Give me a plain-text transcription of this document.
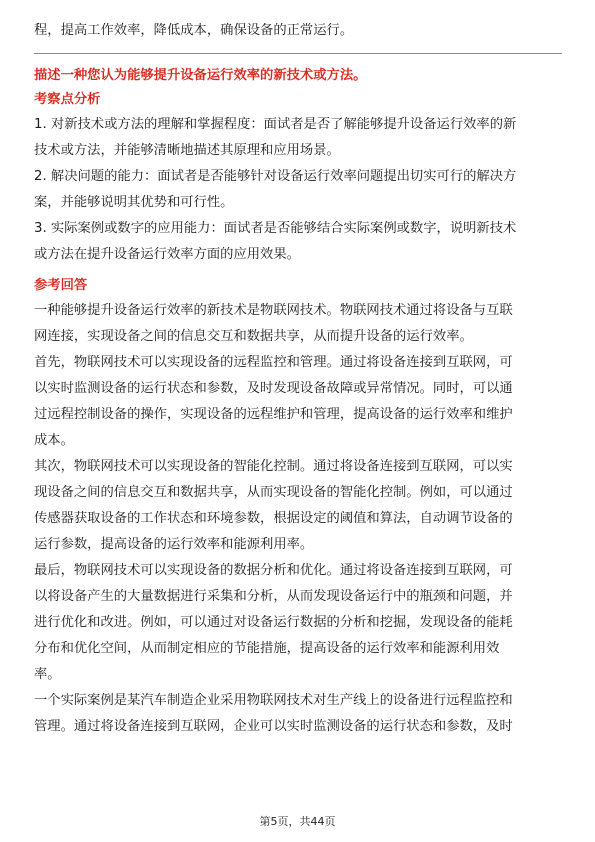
程，提高工作效率，降低成本，确保设备的正常运行。
描述一种您认为能够提升设备运行效率的新技术或方法。
考察点分析
1. 对新技术或方法的理解和掌握程度：面试者是否了解能够提升设备运行效率的新
技术或方法，并能够清晰地描述其原理和应用场景。
2. 解决问题的能力：面试者是否能够针对设备运行效率问题提出切实可行的解决方
案，并能够说明其优势和可行性。
3. 实际案例或数字的应用能力：面试者是否能够结合实际案例或数字，说明新技术
或方法在提升设备运行效率方面的应用效果。
参考回答
一种能够提升设备运行效率的新技术是物联网技术。物联网技术通过将设备与互联
网连接，实现设备之间的信息交互和数据共享，从而提升设备的运行效率。
首先，物联网技术可以实现设备的远程监控和管理。通过将设备连接到互联网，可
以实时监测设备的运行状态和参数，及时发现设备故障或异常情况。同时，可以通
过远程控制设备的操作，实现设备的远程维护和管理，提高设备的运行效率和维护
成本。
其次，物联网技术可以实现设备的智能化控制。通过将设备连接到互联网，可以实
现设备之间的信息交互和数据共享，从而实现设备的智能化控制。例如，可以通过
传感器获取设备的工作状态和环境参数，根据设定的阈值和算法，自动调节设备的
运行参数，提高设备的运行效率和能源利用率。
最后，物联网技术可以实现设备的数据分析和优化。通过将设备连接到互联网，可
以将设备产生的大量数据进行采集和分析，从而发现设备运行中的瓶颈和问题，并
进行优化和改进。例如，可以通过对设备运行数据的分析和挖掘，发现设备的能耗
分布和优化空间，从而制定相应的节能措施，提高设备的运行效率和能源利用效
率。
一个实际案例是某汽车制造企业采用物联网技术对生产线上的设备进行远程监控和
管理。通过将设备连接到互联网，企业可以实时监测设备的运行状态和参数，及时
第5页，共44页
